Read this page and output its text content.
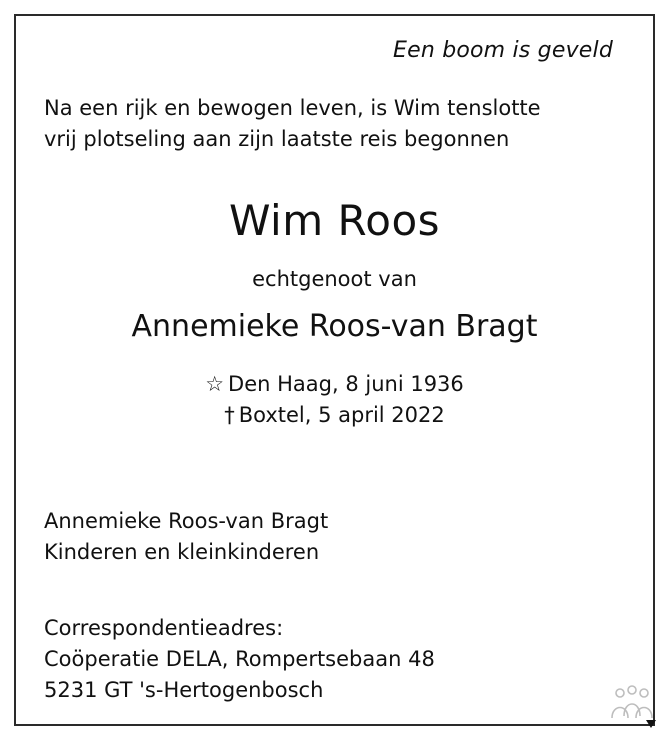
Een boom is geveld
Na een rijk en bewogen leven, is Wim tenslotte
vrij plotseling aan zijn laatste reis begonnen
Wim Roos
echtgenoot van
Annemieke Roos-van Bragt
☆ Den Haag, 8 juni 1936
† Boxtel, 5 april 2022
Annemieke Roos-van Bragt
Kinderen en kleinkinderen
Correspondentieadres:
Coöperatie DELA, Rompertsebaan 48
5231 GT 's-Hertogenbosch
